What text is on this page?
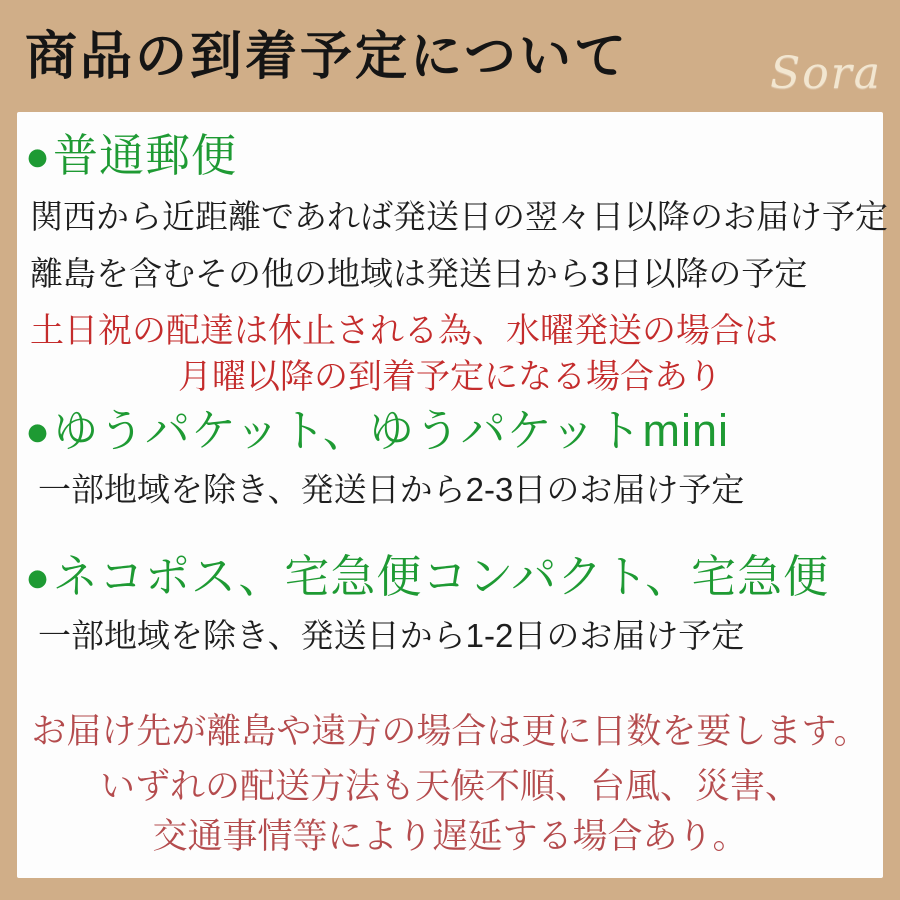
商品の到着予定について	Sora
●普通郵便
関西から近距離であれば発送日の翌々日以降のお届け予定
離島を含むその他の地域は発送日から3日以降の予定
土日祝の配達は休止される為、水曜発送の場合は
月曜以降の到着予定になる場合あり
●ゆうパケット、ゆうパケットmini
一部地域を除き、発送日から2-3日のお届け予定
●ネコポス、宅急便コンパクト、宅急便
一部地域を除き、発送日から1-2日のお届け予定
お届け先が離島や遠方の場合は更に日数を要します。
いずれの配送方法も天候不順、台風、災害、
交通事情等により遅延する場合あり。
